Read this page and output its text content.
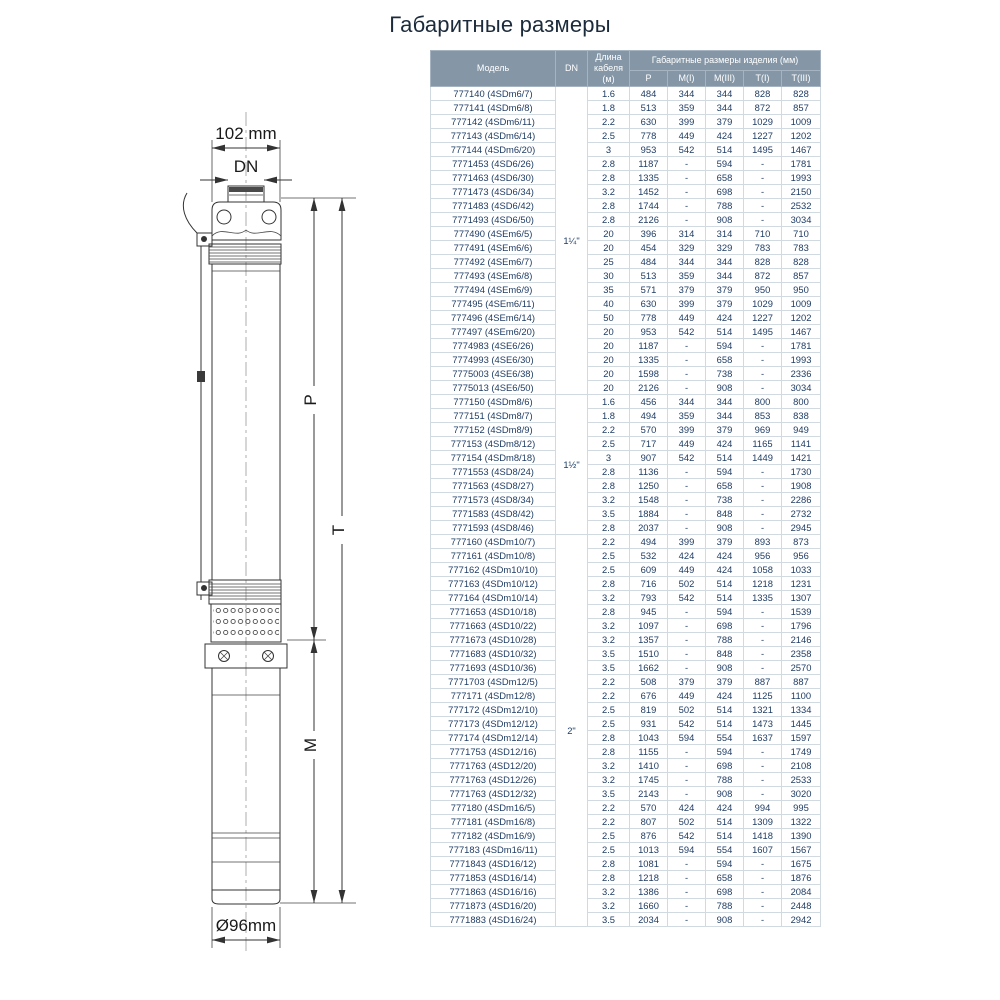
Габаритные размеры
102 mm
DN
P
M
T
Ø96mm
Модель	DN	Длина кабеля (м)	Габаритные размеры изделия (мм)				
			P	M(I)	M(III)	T(I)	T(III)
777140 (4SDm6/7)	1¼"	1.6	484	344	344	828	828
777141 (4SDm6/8)		1.8	513	359	344	872	857
777142 (4SDm6/11)		2.2	630	399	379	1029	1009
777143 (4SDm6/14)		2.5	778	449	424	1227	1202
777144 (4SDm6/20)		3	953	542	514	1495	1467
7771453 (4SD6/26)		2.8	1187	-	594	-	1781
7771463 (4SD6/30)		2.8	1335	-	658	-	1993
7771473 (4SD6/34)		3.2	1452	-	698	-	2150
7771483 (4SD6/42)		2.8	1744	-	788	-	2532
7771493 (4SD6/50)		2.8	2126	-	908	-	3034
777490 (4SEm6/5)		20	396	314	314	710	710
777491 (4SEm6/6)		20	454	329	329	783	783
777492 (4SEm6/7)		25	484	344	344	828	828
777493 (4SEm6/8)		30	513	359	344	872	857
777494 (4SEm6/9)		35	571	379	379	950	950
777495 (4SEm6/11)		40	630	399	379	1029	1009
777496 (4SEm6/14)		50	778	449	424	1227	1202
777497 (4SEm6/20)		20	953	542	514	1495	1467
7774983 (4SE6/26)		20	1187	-	594	-	1781
7774993 (4SE6/30)		20	1335	-	658	-	1993
7775003 (4SE6/38)		20	1598	-	738	-	2336
7775013 (4SE6/50)		20	2126	-	908	-	3034
777150 (4SDm8/6)	1½"	1.6	456	344	344	800	800
777151 (4SDm8/7)		1.8	494	359	344	853	838
777152 (4SDm8/9)		2.2	570	399	379	969	949
777153 (4SDm8/12)		2.5	717	449	424	1165	1141
777154 (4SDm8/18)		3	907	542	514	1449	1421
7771553 (4SD8/24)		2.8	1136	-	594	-	1730
7771563 (4SD8/27)		2.8	1250	-	658	-	1908
7771573 (4SD8/34)		3.2	1548	-	738	-	2286
7771583 (4SD8/42)		3.5	1884	-	848	-	2732
7771593 (4SD8/46)		2.8	2037	-	908	-	2945
777160 (4SDm10/7)	2"	2.2	494	399	379	893	873
777161 (4SDm10/8)		2.5	532	424	424	956	956
777162 (4SDm10/10)		2.5	609	449	424	1058	1033
777163 (4SDm10/12)		2.8	716	502	514	1218	1231
777164 (4SDm10/14)		3.2	793	542	514	1335	1307
7771653 (4SD10/18)		2.8	945	-	594	-	1539
7771663 (4SD10/22)		3.2	1097	-	698	-	1796
7771673 (4SD10/28)		3.2	1357	-	788	-	2146
7771683 (4SD10/32)		3.5	1510	-	848	-	2358
7771693 (4SD10/36)		3.5	1662	-	908	-	2570
7771703 (4SDm12/5)		2.2	508	379	379	887	887
777171 (4SDm12/8)		2.2	676	449	424	1125	1100
777172 (4SDm12/10)		2.5	819	502	514	1321	1334
777173 (4SDm12/12)		2.5	931	542	514	1473	1445
777174 (4SDm12/14)		2.8	1043	594	554	1637	1597
7771753 (4SD12/16)		2.8	1155	-	594	-	1749
7771763 (4SD12/20)		3.2	1410	-	698	-	2108
7771763 (4SD12/26)		3.2	1745	-	788	-	2533
7771763 (4SD12/32)		3.5	2143	-	908	-	3020
777180 (4SDm16/5)		2.2	570	424	424	994	995
777181 (4SDm16/8)		2.2	807	502	514	1309	1322
777182 (4SDm16/9)		2.5	876	542	514	1418	1390
777183 (4SDm16/11)		2.5	1013	594	554	1607	1567
7771843 (4SD16/12)		2.8	1081	-	594	-	1675
7771853 (4SD16/14)		2.8	1218	-	658	-	1876
7771863 (4SD16/16)		3.2	1386	-	698	-	2084
7771873 (4SD16/20)		3.2	1660	-	788	-	2448
7771883 (4SD16/24)		3.5	2034	-	908	-	2942
